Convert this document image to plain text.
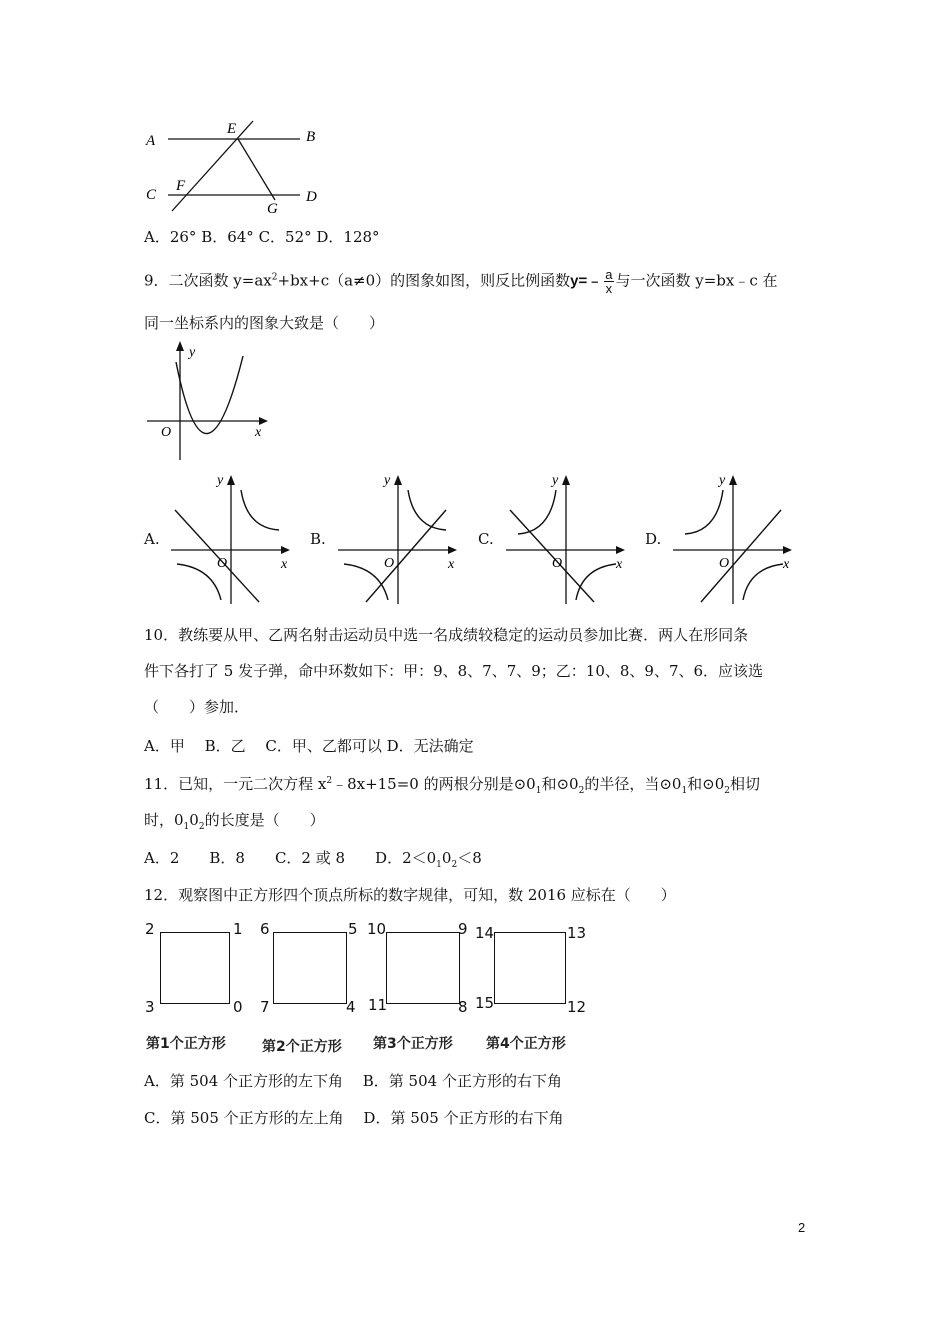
A	B
C	D
E
F
G
A．26° B．64° C．52° D．128°
9．二次函数 $y=ax^2+bx+c(a\ne 0)$的图象如图，则反比例函数y=﹣ $\frac{a}{x}$ 与一次函数 y=bx﹣c 在
同一坐标系内的图象大致是（　　）
y
x
O
A.
y
x
O
B.
y
x
O
C.
y
x
O
D.
y
x
O
10．教练要从甲、乙两名射击运动员中选一名成绩较稳定的运动员参加比赛．两人在形同条
件下各打了 5 发子弹，命中环数如下：甲：9、8、7、7、9；乙：10、8、9、7、6．应该选
（　　）参加．
A．甲　 B．乙　 C．甲、乙都可以 D．无法确定
11．已知，一元二次方程 $x^2﹣8x+15=0$ 的两根分别是$⊙0_1$和$⊙0_2$的半径，当$⊙0_1$和$⊙0_2$相切
时，$0_10_2$的长度是（　　）
A．2　　B．8　　C．2 或 8　　D．$2<0_10_2<8$
12．观察图中正方形四个顶点所标的数字规律，可知，数 2016 应标在（　　）
2	1
3	0
第1个正方形
6	5
7	4
第2个正方形
10	9
11	8
第3个正方形
14	13
15	12
第4个正方形
A．第 504 个正方形的左下角　 B．第 504 个正方形的右下角
C．第 505 个正方形的左上角　 D．第 505 个正方形的右下角
2
